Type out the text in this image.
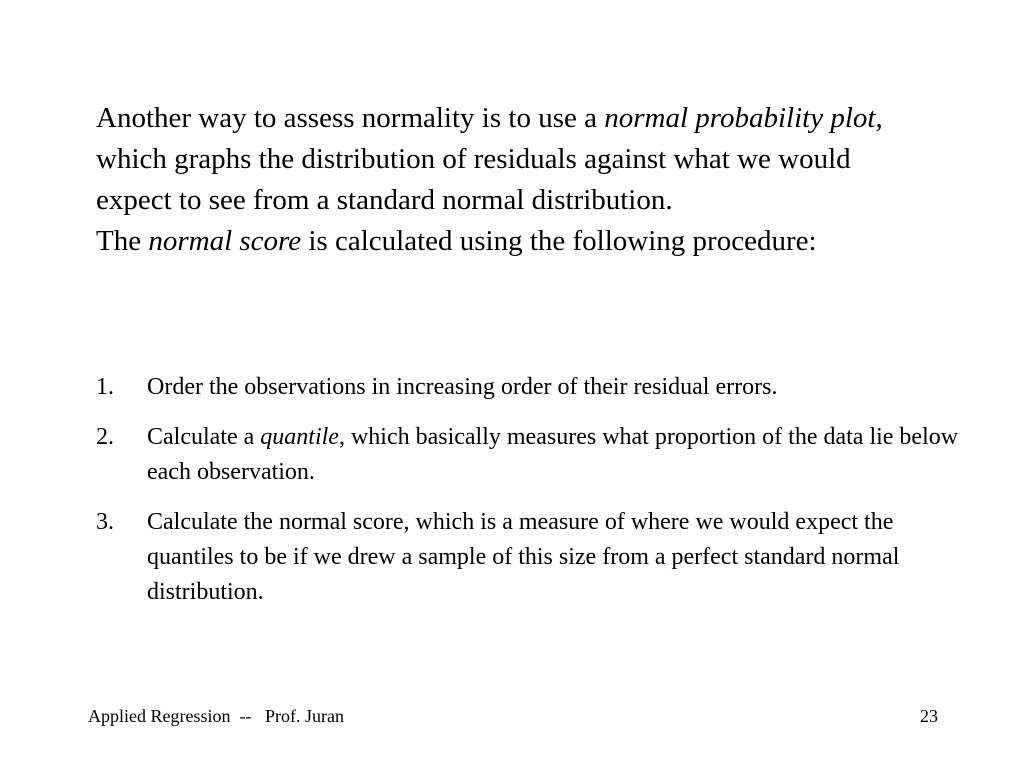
Another way to assess normality is to use a normal probability plot, which graphs the distribution of residuals against what we would expect to see from a standard normal distribution.

The normal score is calculated using the following procedure:

1. Order the observations in increasing order of their residual errors.
2. Calculate a quantile, which basically measures what proportion of the data lie below each observation.
3. Calculate the normal score, which is a measure of where we would expect the quantiles to be if we drew a sample of this size from a perfect standard normal distribution.
Applied Regression  --   Prof. Juran	23
